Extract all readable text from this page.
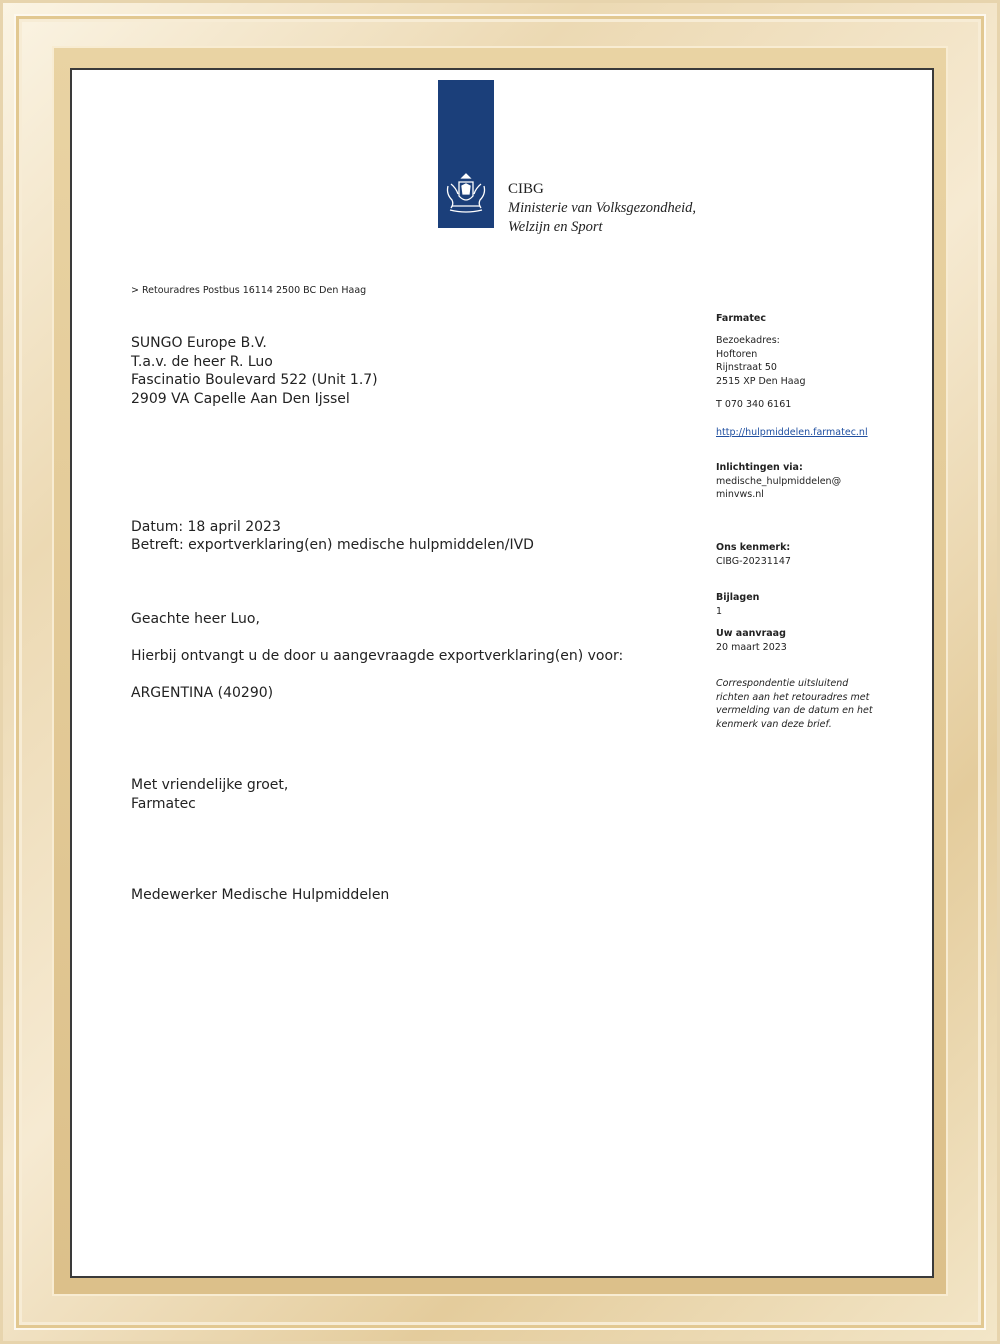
CIBG
Ministerie van Volksgezondheid,
Welzijn en Sport
> Retouradres Postbus 16114 2500 BC Den Haag
SUNGO Europe B.V.
T.a.v. de heer R. Luo
Fascinatio Boulevard 522 (Unit 1.7)
2909 VA Capelle Aan Den Ijssel
Farmatec
Bezoekadres:
Hoftoren
Rijnstraat 50
2515 XP Den Haag
T 070 340 6161
http://hulpmiddelen.farmatec.nl
Inlichtingen via:
medische_hulpmiddelen@
minvws.nl
Ons kenmerk:
CIBG-20231147
Bijlagen
1
Uw aanvraag
20 maart 2023
Correspondentie uitsluitend
richten aan het retouradres met
vermelding van de datum en het
kenmerk van deze brief.
Datum: 18 april 2023
Betreft: exportverklaring(en) medische hulpmiddelen/IVD
Geachte heer Luo,
Hierbij ontvangt u de door u aangevraagde exportverklaring(en) voor:
ARGENTINA (40290)
Met vriendelijke groet,
Farmatec
Medewerker Medische Hulpmiddelen
